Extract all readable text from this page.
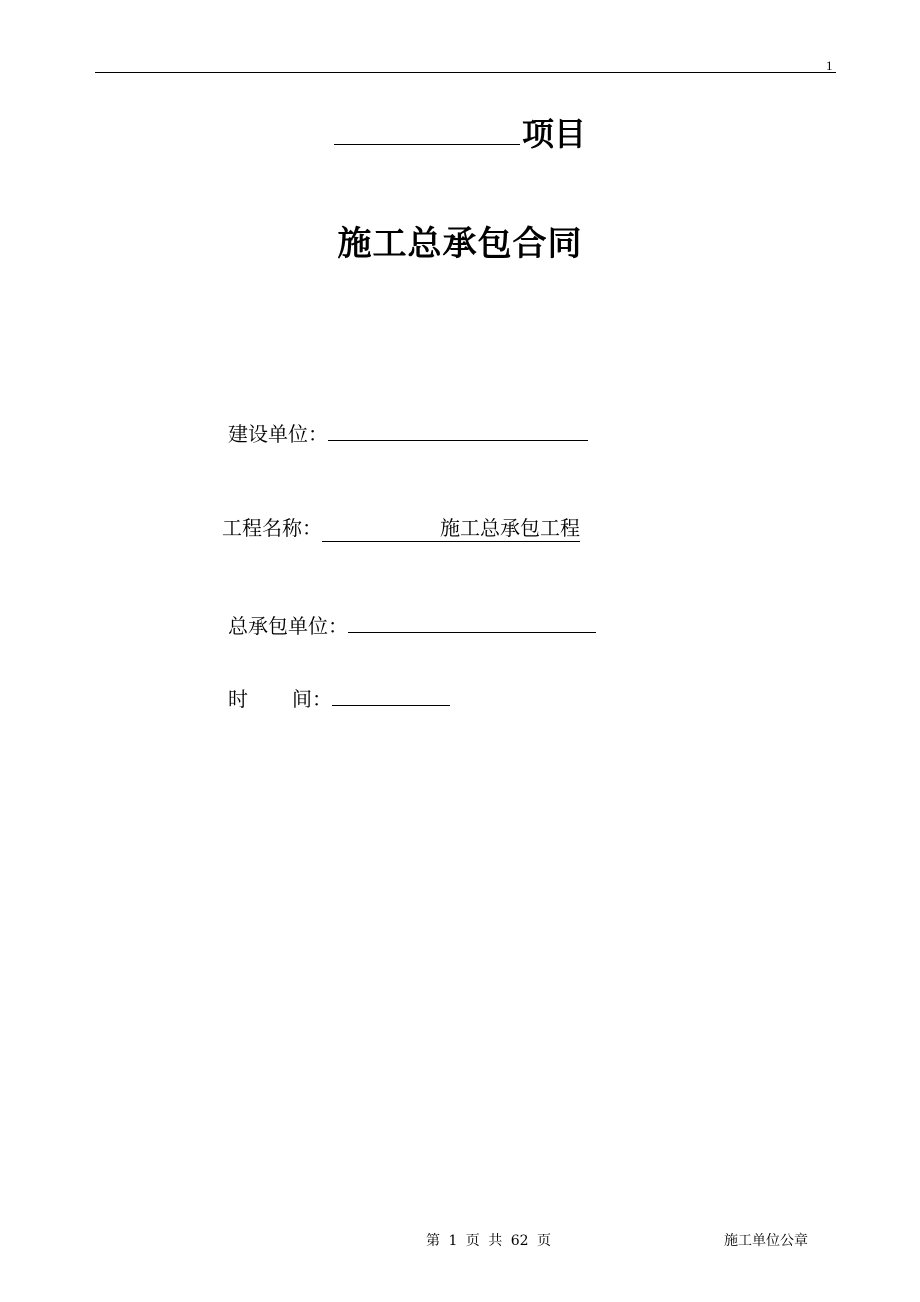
1
项目
施工总承包合同
建设单位：
工程名称：	施工总承包工程
总承包单位：
时 间：
第 1 页 共 62 页	施工单位公章
